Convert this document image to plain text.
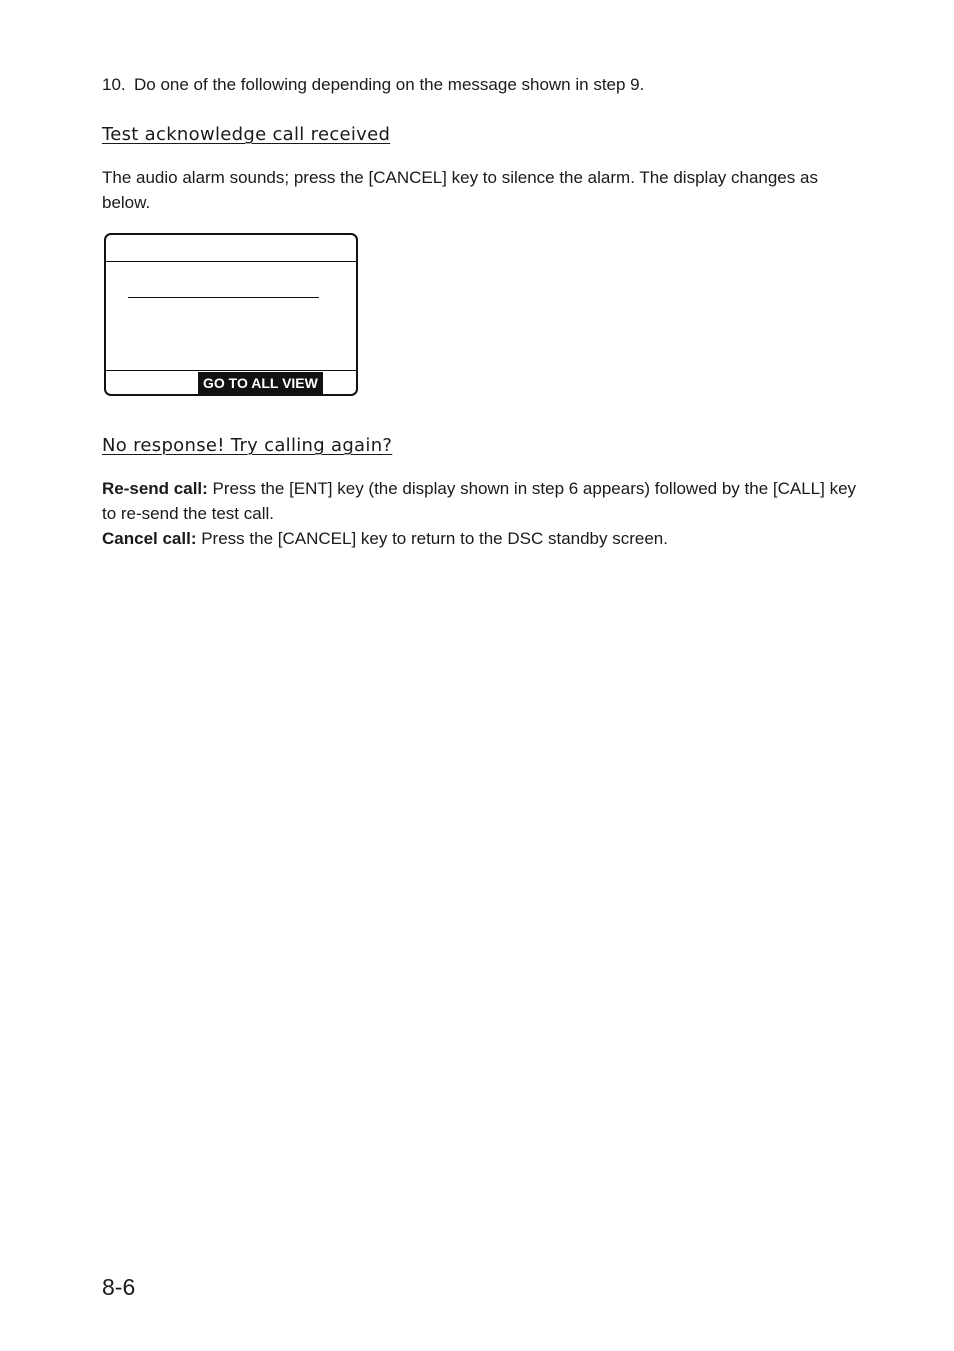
10. Do one of the following depending on the message shown in step 9.
Test acknowledge call received
The audio alarm sounds; press the [CANCEL] key to silence the alarm. The display changes as below.
GO TO ALL VIEW
No response! Try calling again?
Re-send call: Press the [ENT] key (the display shown in step 6 appears) followed by the [CALL] key to re-send the test call.
Cancel call: Press the [CANCEL] key to return to the DSC standby screen.
8-6
